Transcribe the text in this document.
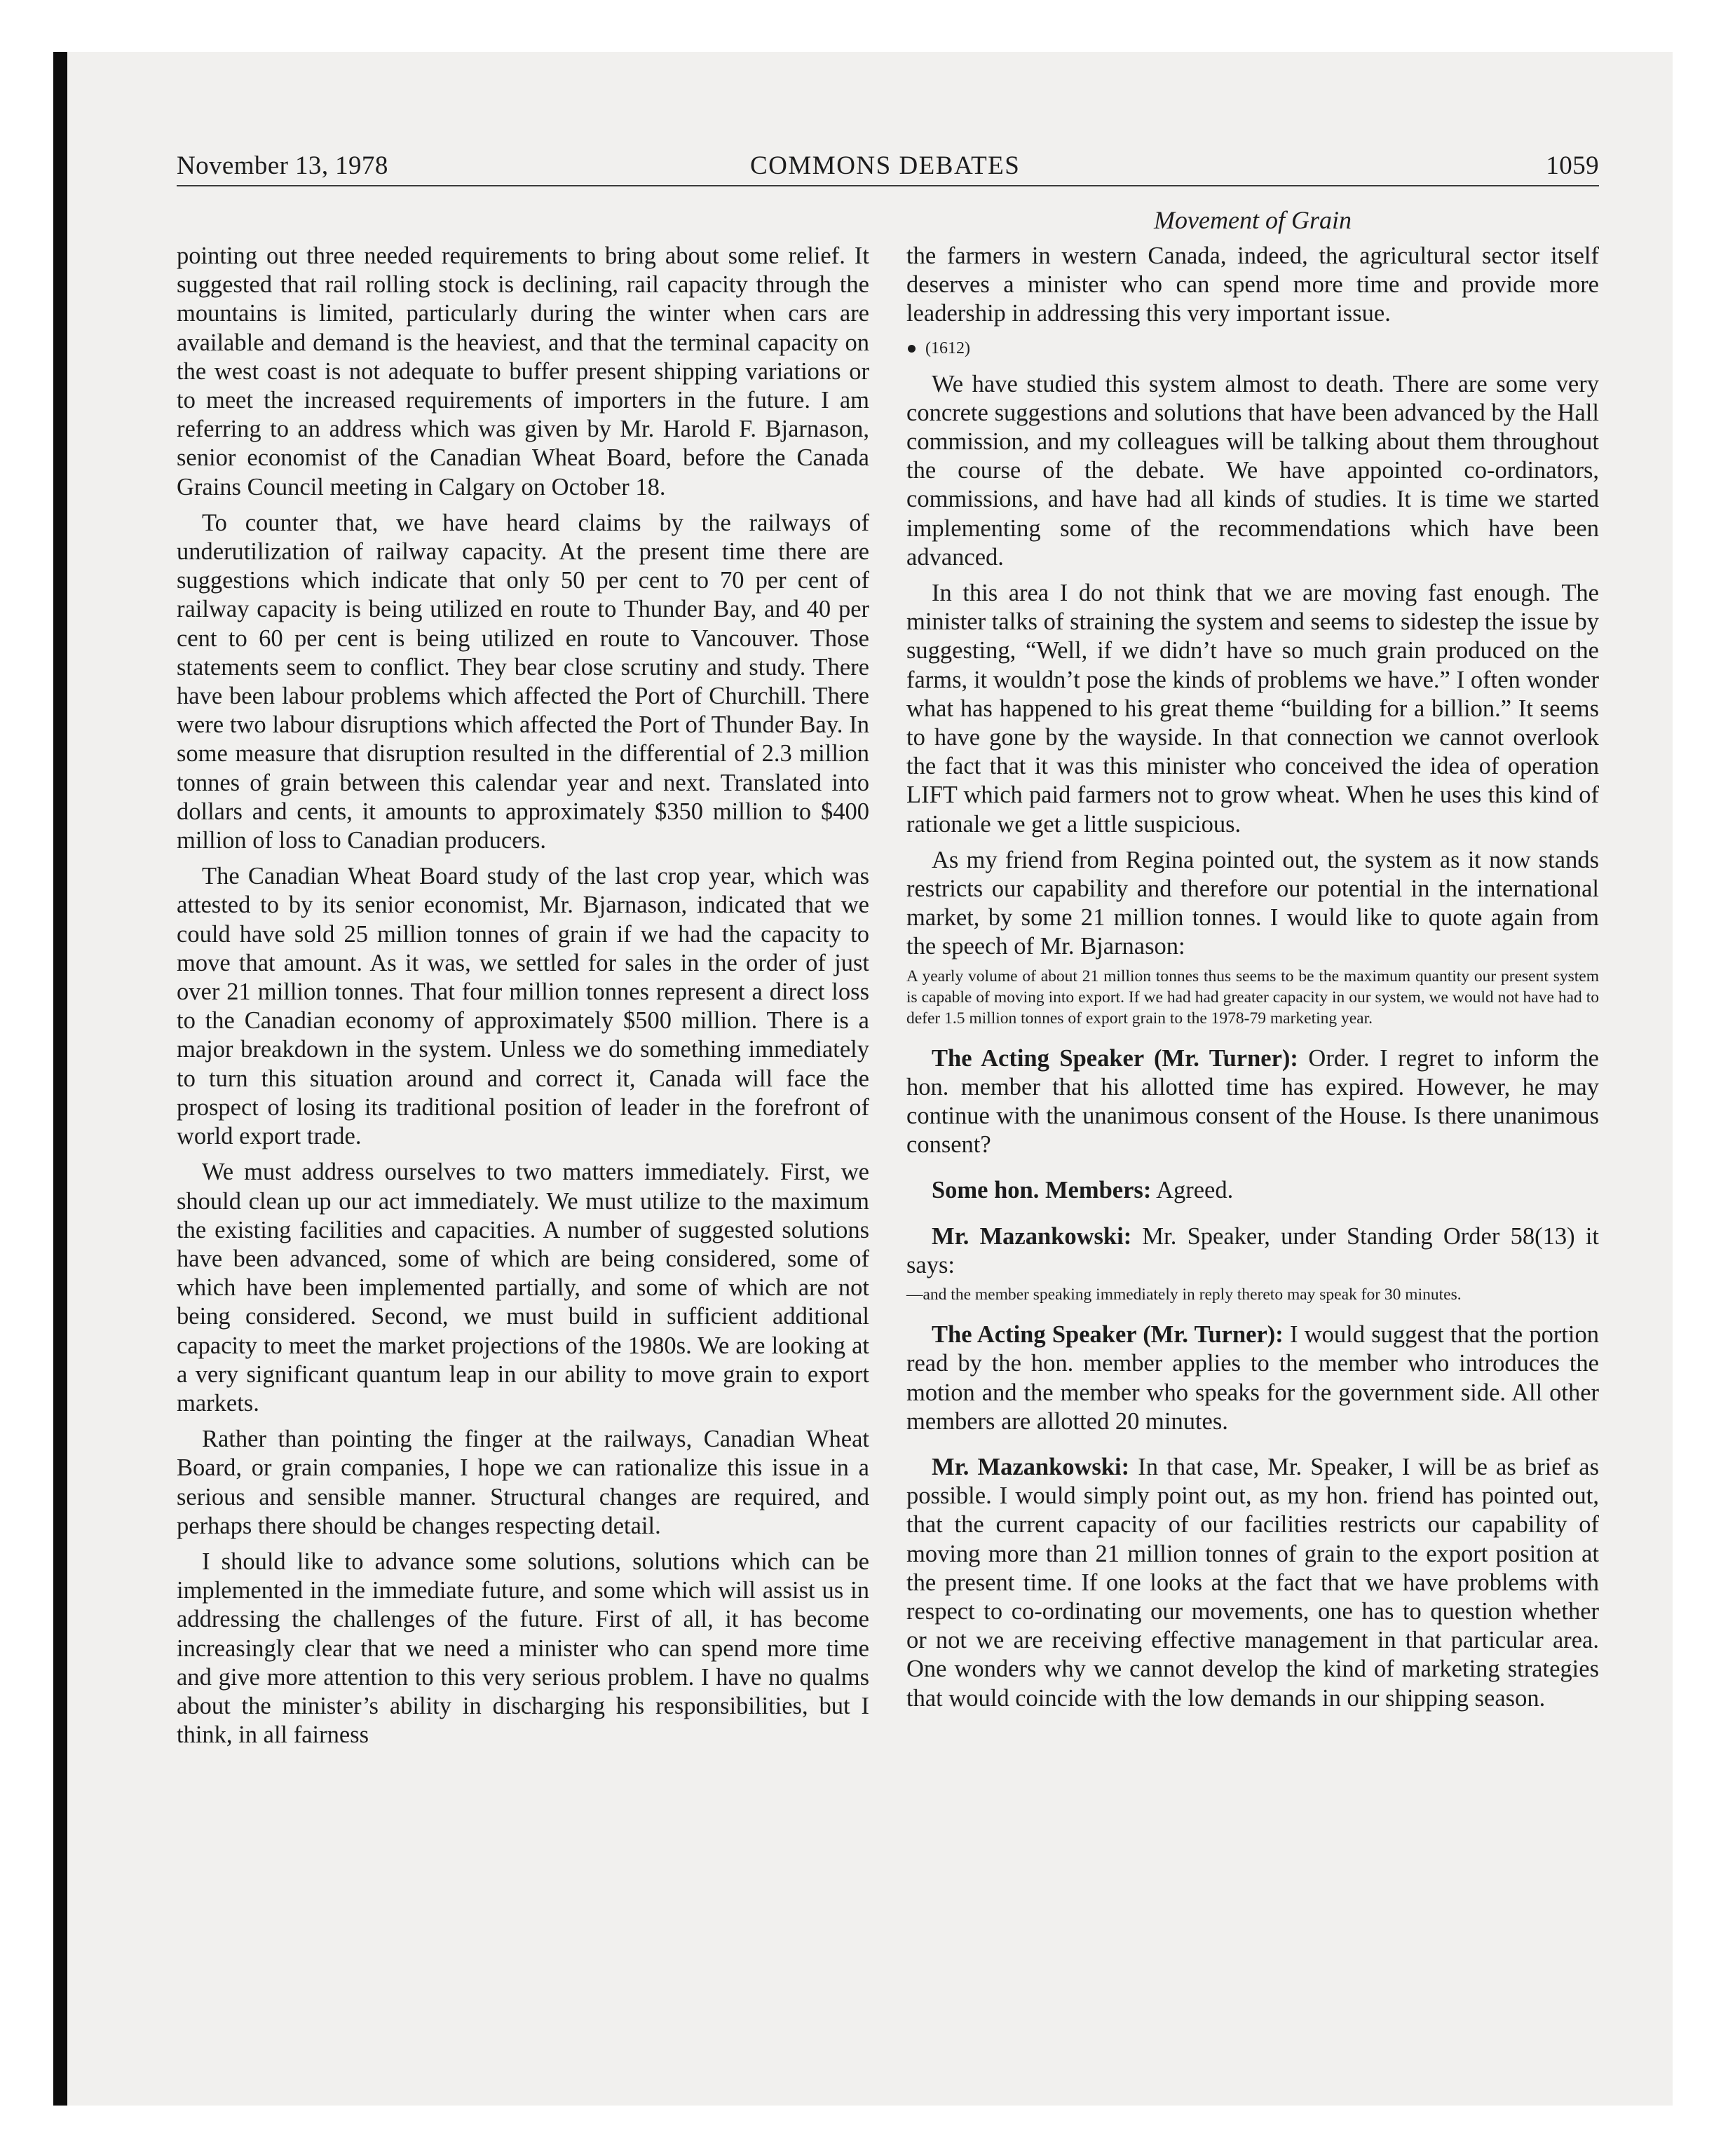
November 13, 1978	COMMONS DEBATES	1059
Movement of Grain

pointing out three needed requirements to bring about some relief. It suggested that rail rolling stock is declining, rail capacity through the mountains is limited, particularly during the winter when cars are available and demand is the heaviest, and that the terminal capacity on the west coast is not adequate to buffer present shipping variations or to meet the increased requirements of importers in the future. I am referring to an address which was given by Mr. Harold F. Bjarnason, senior economist of the Canadian Wheat Board, before the Canada Grains Council meeting in Calgary on October 18.

To counter that, we have heard claims by the railways of underutilization of railway capacity. At the present time there are suggestions which indicate that only 50 per cent to 70 per cent of railway capacity is being utilized en route to Thunder Bay, and 40 per cent to 60 per cent is being utilized en route to Vancouver. Those statements seem to conflict. They bear close scrutiny and study. There have been labour problems which affected the Port of Churchill. There were two labour disruptions which affected the Port of Thunder Bay. In some measure that disruption resulted in the differential of 2.3 million tonnes of grain between this calendar year and next. Translated into dollars and cents, it amounts to approximately $350 million to $400 million of loss to Canadian producers.

The Canadian Wheat Board study of the last crop year, which was attested to by its senior economist, Mr. Bjarnason, indicated that we could have sold 25 million tonnes of grain if we had the capacity to move that amount. As it was, we settled for sales in the order of just over 21 million tonnes. That four million tonnes represent a direct loss to the Canadian economy of approximately $500 million. There is a major breakdown in the system. Unless we do something immediately to turn this situation around and correct it, Canada will face the prospect of losing its traditional position of leader in the forefront of world export trade.

We must address ourselves to two matters immediately. First, we should clean up our act immediately. We must utilize to the maximum the existing facilities and capacities. A number of suggested solutions have been advanced, some of which are being considered, some of which have been implemented partially, and some of which are not being considered. Second, we must build in sufficient additional capacity to meet the market projections of the 1980s. We are looking at a very significant quantum leap in our ability to move grain to export markets.

Rather than pointing the finger at the railways, Canadian Wheat Board, or grain companies, I hope we can rationalize this issue in a serious and sensible manner. Structural changes are required, and perhaps there should be changes respecting detail.

I should like to advance some solutions, solutions which can be implemented in the immediate future, and some which will assist us in addressing the challenges of the future. First of all, it has become increasingly clear that we need a minister who can spend more time and give more attention to this very serious problem. I have no qualms about the minister’s ability in discharging his responsibilities, but I think, in all fairness

the farmers in western Canada, indeed, the agricultural sector itself deserves a minister who can spend more time and provide more leadership in addressing this very important issue.

(1612)

We have studied this system almost to death. There are some very concrete suggestions and solutions that have been advanced by the Hall commission, and my colleagues will be talking about them throughout the course of the debate. We have appointed co-ordinators, commissions, and have had all kinds of studies. It is time we started implementing some of the recommendations which have been advanced.

In this area I do not think that we are moving fast enough. The minister talks of straining the system and seems to sidestep the issue by suggesting, “Well, if we didn’t have so much grain produced on the farms, it wouldn’t pose the kinds of problems we have.” I often wonder what has happened to his great theme “building for a billion.” It seems to have gone by the wayside. In that connection we cannot overlook the fact that it was this minister who conceived the idea of operation LIFT which paid farmers not to grow wheat. When he uses this kind of rationale we get a little suspicious.

As my friend from Regina pointed out, the system as it now stands restricts our capability and therefore our potential in the international market, by some 21 million tonnes. I would like to quote again from the speech of Mr. Bjarnason:

A yearly volume of about 21 million tonnes thus seems to be the maximum quantity our present system is capable of moving into export. If we had had greater capacity in our system, we would not have had to defer 1.5 million tonnes of export grain to the 1978-79 marketing year.

The Acting Speaker (Mr. Turner): Order. I regret to inform the hon. member that his allotted time has expired. However, he may continue with the unanimous consent of the House. Is there unanimous consent?

Some hon. Members: Agreed.

Mr. Mazankowski: Mr. Speaker, under Standing Order 58(13) it says:

—and the member speaking immediately in reply thereto may speak for 30 minutes.

The Acting Speaker (Mr. Turner): I would suggest that the portion read by the hon. member applies to the member who introduces the motion and the member who speaks for the government side. All other members are allotted 20 minutes.

Mr. Mazankowski: In that case, Mr. Speaker, I will be as brief as possible. I would simply point out, as my hon. friend has pointed out, that the current capacity of our facilities restricts our capability of moving more than 21 million tonnes of grain to the export position at the present time. If one looks at the fact that we have problems with respect to co-ordinating our movements, one has to question whether or not we are receiving effective management in that particular area. One wonders why we cannot develop the kind of marketing strategies that would coincide with the low demands in our shipping season.
